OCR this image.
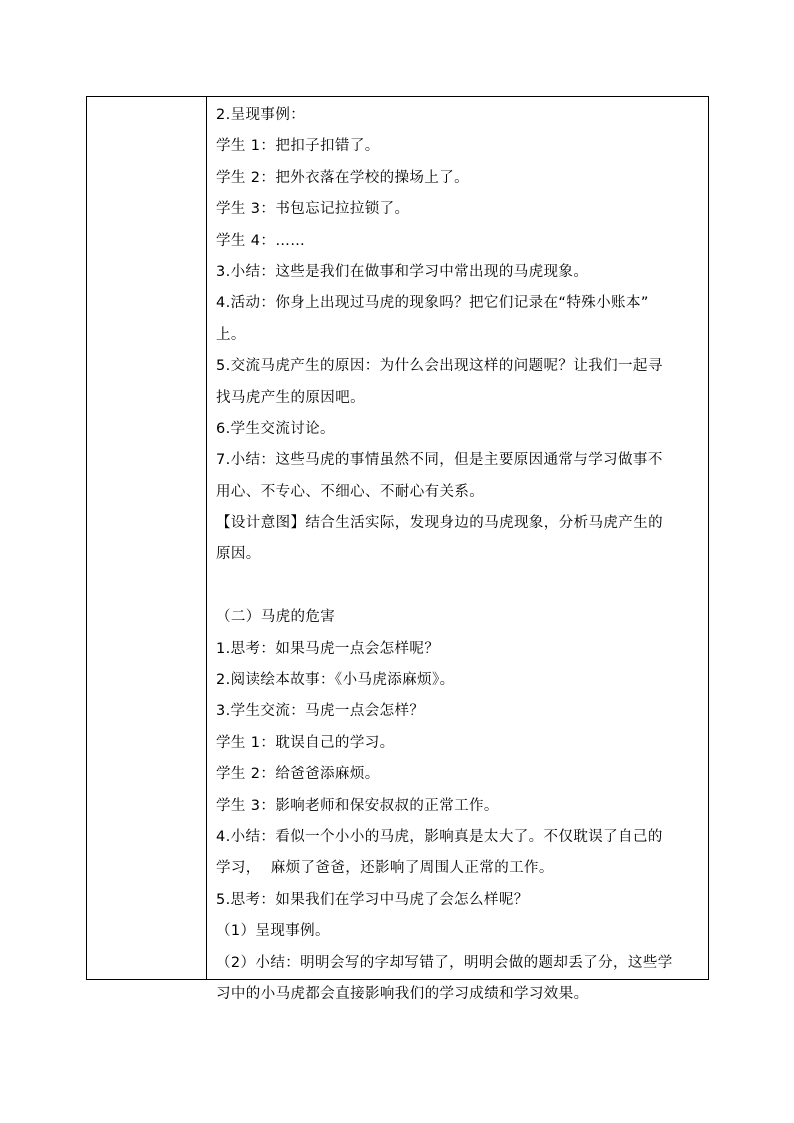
2.呈现事例：
学生 1：把扣子扣错了。
学生 2：把外衣落在学校的操场上了。
学生 3：书包忘记拉拉锁了。
学生 4：……
3.小结：这些是我们在做事和学习中常出现的马虎现象。
4.活动：你身上出现过马虎的现象吗？把它们记录在“特殊小账本”
上。
5.交流马虎产生的原因：为什么会出现这样的问题呢？让我们一起寻
找马虎产生的原因吧。
6.学生交流讨论。
7.小结：这些马虎的事情虽然不同，但是主要原因通常与学习做事不
用心、不专心、不细心、不耐心有关系。
【设计意图】结合生活实际，发现身边的马虎现象，分析马虎产生的
原因。
（二）马虎的危害
1.思考：如果马虎一点会怎样呢？
2.阅读绘本故事：《小马虎添麻烦》。
3.学生交流：马虎一点会怎样？
学生 1：耽误自己的学习。
学生 2：给爸爸添麻烦。
学生 3：影响老师和保安叔叔的正常工作。
4.小结：看似一个小小的马虎，影响真是太大了。不仅耽误了自己的
学习，  麻烦了爸爸，还影响了周围人正常的工作。
5.思考：如果我们在学习中马虎了会怎么样呢？
（1）呈现事例。
（2）小结：明明会写的字却写错了，明明会做的题却丢了分，这些学
习中的小马虎都会直接影响我们的学习成绩和学习效果。
